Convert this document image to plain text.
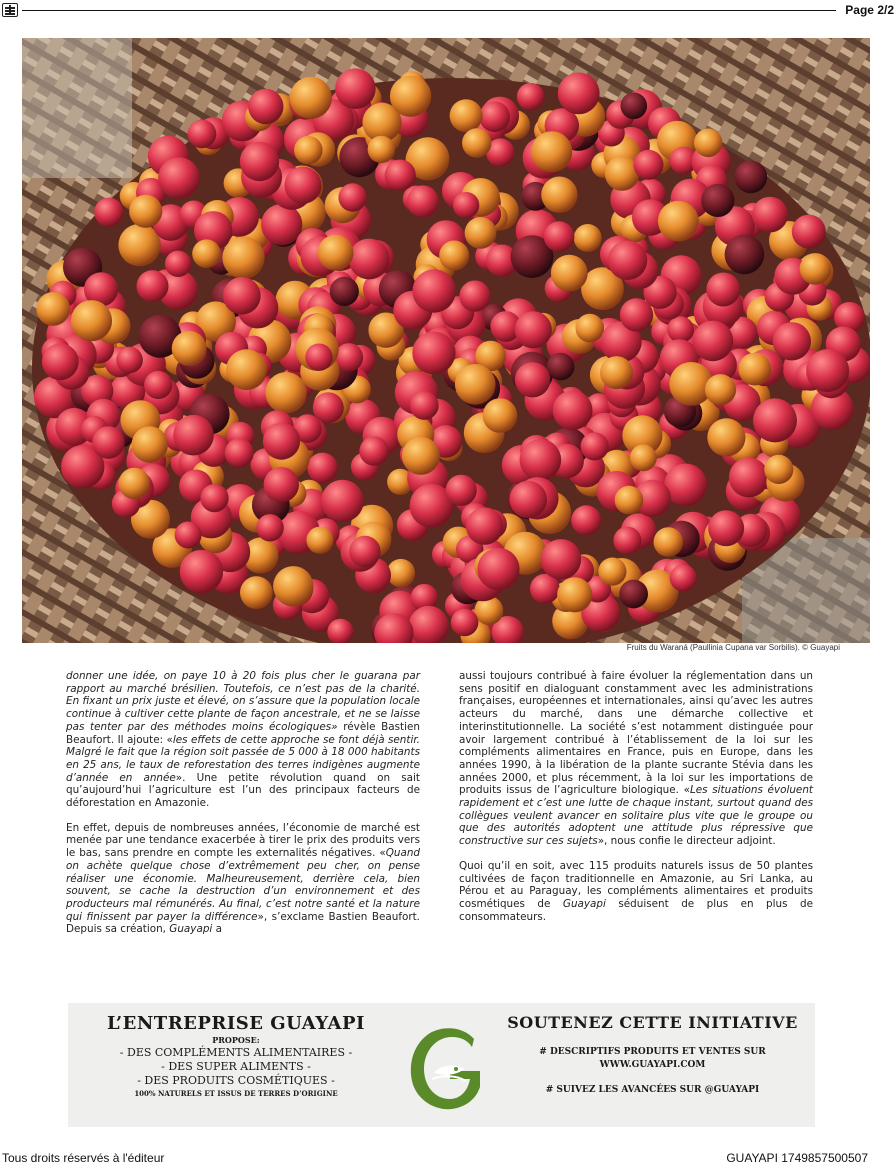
Page 2/2
Fruits du Waraná (Paullinia Cupana var Sorbilis). © Guayapi

donner une idée, on paye 10 à 20 fois plus cher le guarana par rapport au marché brésilien. Toutefois, ce n’est pas de la charité. En fixant un prix juste et élevé, on s’assure que la population locale continue à cultiver cette plante de façon ancestrale, et ne se laisse pas tenter par des méthodes moins écologiques» révèle Bastien Beaufort. Il ajoute: «les effets de cette approche se font déjà sentir. Malgré le fait que la région soit passée de 5 000 à 18 000 habitants en 25 ans, le taux de reforestation des terres indigènes augmente d’année en année». Une petite révolution quand on sait qu’aujourd’hui l’agriculture est l’un des principaux facteurs de déforestation en Amazonie.

En effet, depuis de nombreuses années, l’économie de marché est menée par une tendance exacerbée à tirer le prix des produits vers le bas, sans prendre en compte les externalités négatives. «Quand on achète quelque chose d’extrêmement peu cher, on pense réaliser une économie. Malheureusement, derrière cela, bien souvent, se cache la destruction d’un environnement et des producteurs mal rémunérés. Au final, c’est notre santé et la nature qui finissent par payer la différence», s’exclame Bastien Beaufort. Depuis sa création, Guayapi a

aussi toujours contribué à faire évoluer la réglementation dans un sens positif en dialoguant constamment avec les administrations françaises, européennes et internationales, ainsi qu’avec les autres acteurs du marché, dans une démarche collective et interinstitutionnelle. La société s’est notamment distinguée pour avoir largement contribué à l’établissement de la loi sur les compléments alimentaires en France, puis en Europe, dans les années 1990, à la libération de la plante sucrante Stévia dans les années 2000, et plus récemment, à la loi sur les importations de produits issus de l’agriculture biologique. «Les situations évoluent rapidement et c’est une lutte de chaque instant, surtout quand des collègues veulent avancer en solitaire plus vite que le groupe ou que des autorités adoptent une attitude plus répressive que constructive sur ces sujets», nous confie le directeur adjoint.

Quoi qu’il en soit, avec 115 produits naturels issus de 50 plantes cultivées de façon traditionnelle en Amazonie, au Sri Lanka, au Pérou et au Paraguay, les compléments alimentaires et produits cosmétiques de Guayapi séduisent de plus en plus de consommateurs.

L’ENTREPRISE GUAYAPI
PROPOSE:
- DES COMPLÉMENTS ALIMENTAIRES -
- DES SUPER ALIMENTS -
- DES PRODUITS COSMÉTIQUES -
100% NATURELS ET ISSUS DE TERRES D’ORIGINE
SOUTENEZ CETTE INITIATIVE
# DESCRIPTIFS PRODUITS ET VENTES SUR
WWW.GUAYAPI.COM
# SUIVEZ LES AVANCÉES SUR @GUAYAPI
Tous droits réservés à l'éditeur	GUAYAPI 1749857500507
